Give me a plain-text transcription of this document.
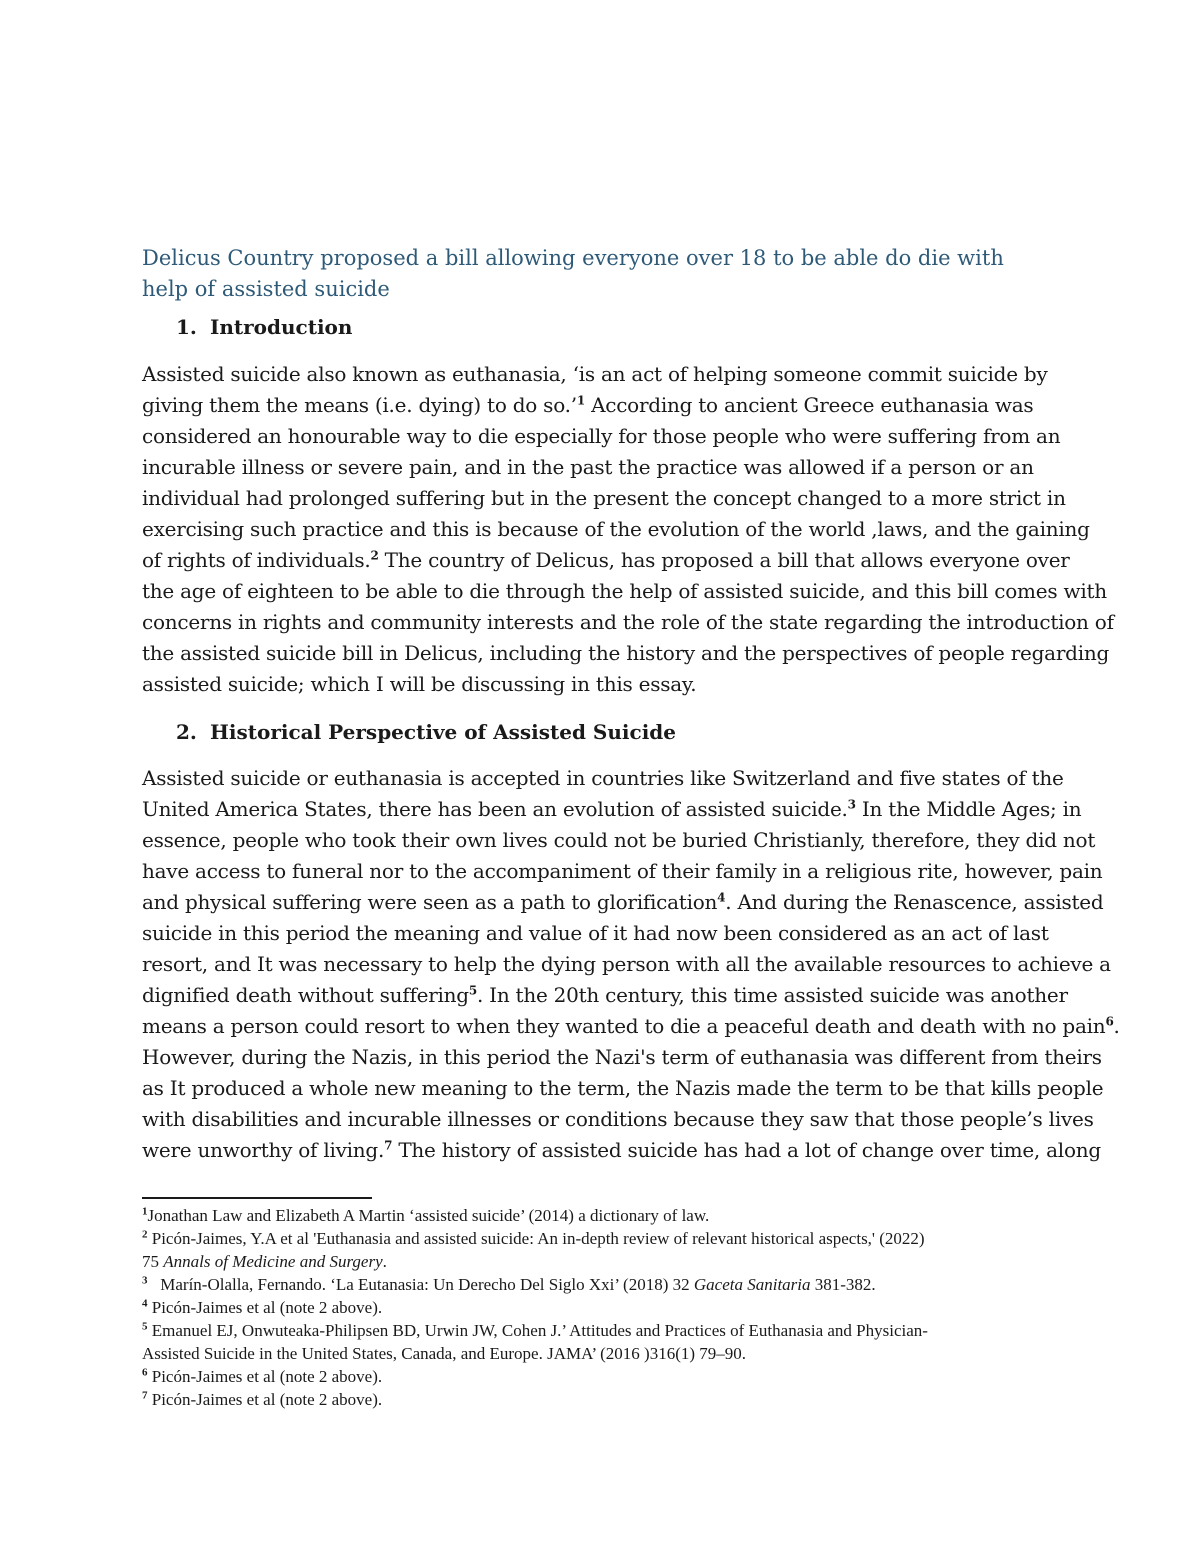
Delicus Country proposed a bill allowing everyone over 18 to be able do die with help of assisted suicide
1. Introduction
Assisted suicide also known as euthanasia, ‘is an act of helping someone commit suicide by
giving them the means (i.e. dying) to do so.’$^1$ According to ancient Greece euthanasia was
considered an honourable way to die especially for those people who were suffering from an
incurable illness or severe pain, and in the past the practice was allowed if a person or an
individual had prolonged suffering but in the present the concept changed to a more strict in
exercising such practice and this is because of the evolution of the world ,laws, and the gaining
of rights of individuals.$^2$ The country of Delicus, has proposed a bill that allows everyone over
the age of eighteen to be able to die through the help of assisted suicide, and this bill comes with
concerns in rights and community interests and the role of the state regarding the introduction of
the assisted suicide bill in Delicus, including the history and the perspectives of people regarding
assisted suicide; which I will be discussing in this essay.
2. Historical Perspective of Assisted Suicide
Assisted suicide or euthanasia is accepted in countries like Switzerland and five states of the
United America States, there has been an evolution of assisted suicide.$^3$ In the Middle Ages; in
essence, people who took their own lives could not be buried Christianly, therefore, they did not
have access to funeral nor to the accompaniment of their family in a religious rite, however, pain
and physical suffering were seen as a path to glorification$^4$. And during the Renascence, assisted
suicide in this period the meaning and value of it had now been considered as an act of last
resort, and It was necessary to help the dying person with all the available resources to achieve a
dignified death without suffering$^5$. In the 20th century, this time assisted suicide was another
means a person could resort to when they wanted to die a peaceful death and death with no pain$^6$.
However, during the Nazis, in this period the Nazi's term of euthanasia was different from theirs
as It produced a whole new meaning to the term, the Nazis made the term to be that kills people
with disabilities and incurable illnesses or conditions because they saw that those people’s lives
were unworthy of living.$^7$ The history of assisted suicide has had a lot of change over time, along
$^1$Jonathan Law and Elizabeth A Martin ‘assisted suicide’ (2014) a dictionary of law.
$^2$ Picón-Jaimes, Y.A et al 'Euthanasia and assisted suicide: An in-depth review of relevant historical aspects,' (2022)
75 Annals of Medicine and Surgery.
$^3$ Marín-Olalla, Fernando. ‘La Eutanasia: Un Derecho Del Siglo Xxi’ (2018) 32 Gaceta Sanitaria 381-382.
$^4$ Picón-Jaimes et al (note 2 above).
$^5$ Emanuel EJ, Onwuteaka-Philipsen BD, Urwin JW, Cohen J.’ Attitudes and Practices of Euthanasia and Physician-
Assisted Suicide in the United States, Canada, and Europe. JAMA’ (2016 )316(1) 79–90.
$^6$ Picón-Jaimes et al (note 2 above).
$^7$ Picón-Jaimes et al (note 2 above).
